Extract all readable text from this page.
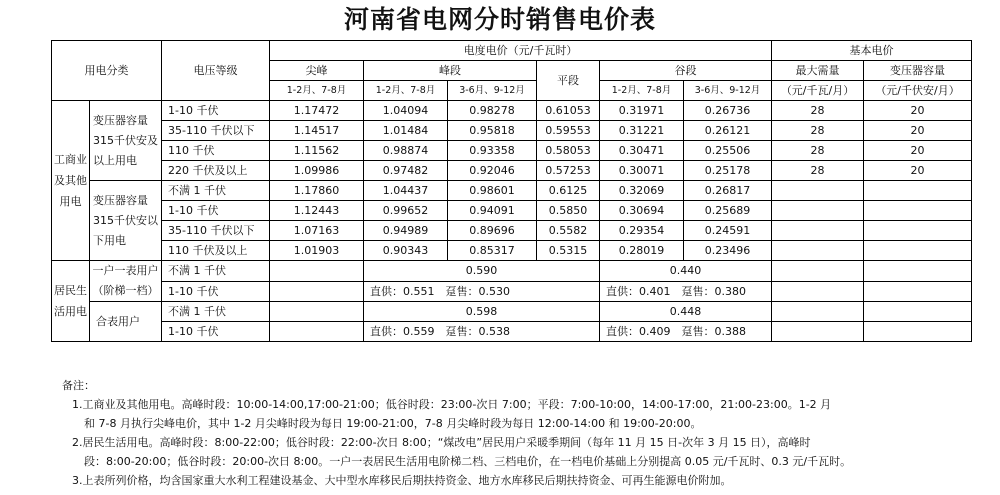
河南省电网分时销售电价表
用电分类		电压等级	电度电价（元/千瓦时）						基本电价	
			尖峰	峰段		平段	谷段		最大需量	变压器容量
			1-2月、7-8月	1-2月、7-8月	3-6月、9-12月		1-2月、7-8月	3-6月、9-12月	（元/千瓦/月）	（元/千伏安/月）
工商业及其他用电	变压器容量315千伏安及以上用电	1-10 千伏	1.17472	1.04094	0.98278	0.61053	0.31971	0.26736	28	20
		35-110 千伏以下	1.14517	1.01484	0.95818	0.59553	0.31221	0.26121	28	20
		110 千伏	1.11562	0.98874	0.93358	0.58053	0.30471	0.25506	28	20
		220 千伏及以上	1.09986	0.97482	0.92046	0.57253	0.30071	0.25178	28	20
	变压器容量315千伏安以下用电	不满 1 千伏	1.17860	1.04437	0.98601	0.6125	0.32069	0.26817		
		1-10 千伏	1.12443	0.99652	0.94091	0.5850	0.30694	0.25689		
		35-110 千伏以下	1.07163	0.94989	0.89696	0.5582	0.29354	0.24591		
		110 千伏及以上	1.01903	0.90343	0.85317	0.5315	0.28019	0.23496		
居民生活用电	一户一表用户（阶梯一档）	不满 1 千伏		0.590			0.440			
		1-10 千伏		直供：0.551　趸售：0.530			直供：0.401　趸售：0.380			
	合表用户	不满 1 千伏		0.598			0.448			
		1-10 千伏		直供：0.559　趸售：0.538			直供：0.409　趸售：0.388			
备注：
1.工商业及其他用电。高峰时段：10:00-14:00,17:00-21:00；低谷时段：23:00-次日 7:00；平段：7:00-10:00，14:00-17:00，21:00-23:00。1-2 月
和 7-8 月执行尖峰电价，其中 1-2 月尖峰时段为每日 19:00-21:00，7-8 月尖峰时段为每日 12:00-14:00 和 19:00-20:00。
2.居民生活用电。高峰时段：8:00-22:00；低谷时段：22:00-次日 8:00；“煤改电”居民用户采暖季期间（每年 11 月 15 日-次年 3 月 15 日），高峰时
段：8:00-20:00；低谷时段：20:00-次日 8:00。一户一表居民生活用电阶梯二档、三档电价，在一档电价基础上分别提高 0.05 元/千瓦时、0.3 元/千瓦时。
3.上表所列价格，均含国家重大水利工程建设基金、大中型水库移民后期扶持资金、地方水库移民后期扶持资金、可再生能源电价附加。
